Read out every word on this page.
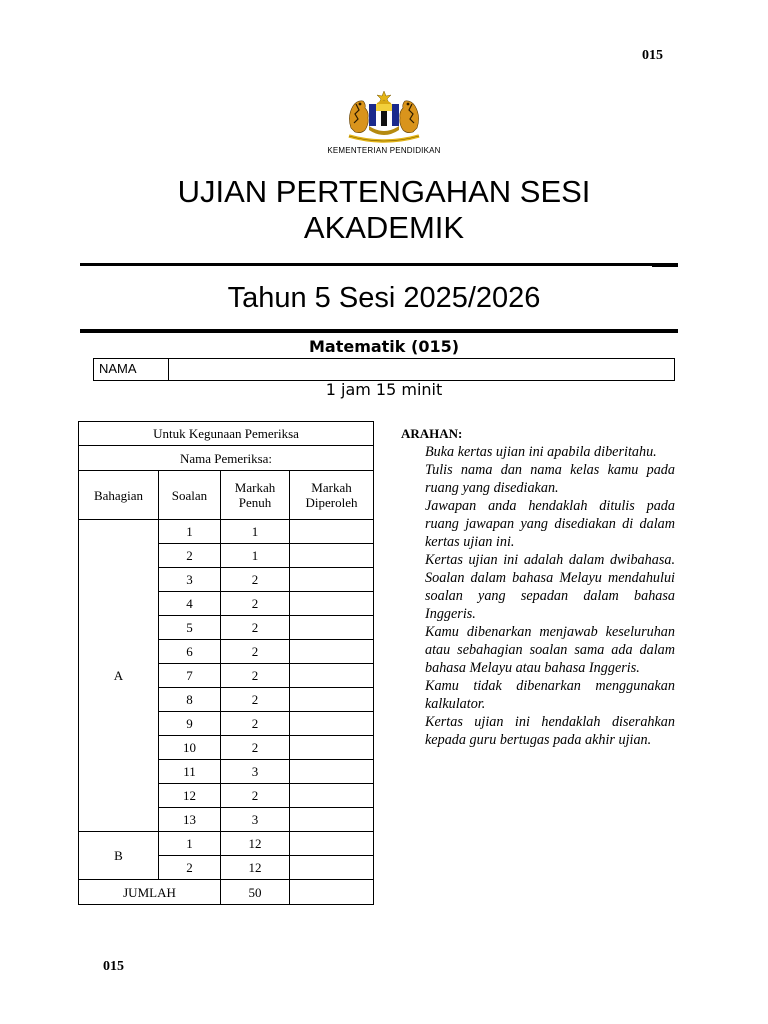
015
KEMENTERIAN PENDIDIKAN
UJIAN PERTENGAHAN SESI
AKADEMIK
Tahun 5 Sesi 2025/2026
Matematik (015)
NAMA
1 jam 15 minit
Untuk Kegunaan Pemeriksa			
Nama Pemeriksa:			
Bahagian	Soalan	Markah Penuh	Markah Diperoleh
A	1	1	
	2	1	
	3	2	
	4	2	
	5	2	
	6	2	
	7	2	
	8	2	
	9	2	
	10	2	
	11	3	
	12	2	
	13	3	
B	1	12	
	2	12	
JUMLAH		50	
ARAHAN:
Buka kertas ujian ini apabila diberitahu.
Tulis nama dan nama kelas kamu pada ruang yang disediakan.
Jawapan anda hendaklah ditulis pada ruang jawapan yang disediakan di dalam kertas ujian ini.
Kertas ujian ini adalah dalam dwibahasa. Soalan dalam bahasa Melayu mendahului soalan yang sepadan dalam bahasa Inggeris.
Kamu dibenarkan menjawab keseluruhan atau sebahagian soalan sama ada dalam bahasa Melayu atau bahasa Inggeris.
Kamu tidak dibenarkan menggunakan kalkulator.
Kertas ujian ini hendaklah diserahkan kepada guru bertugas pada akhir ujian.
015
